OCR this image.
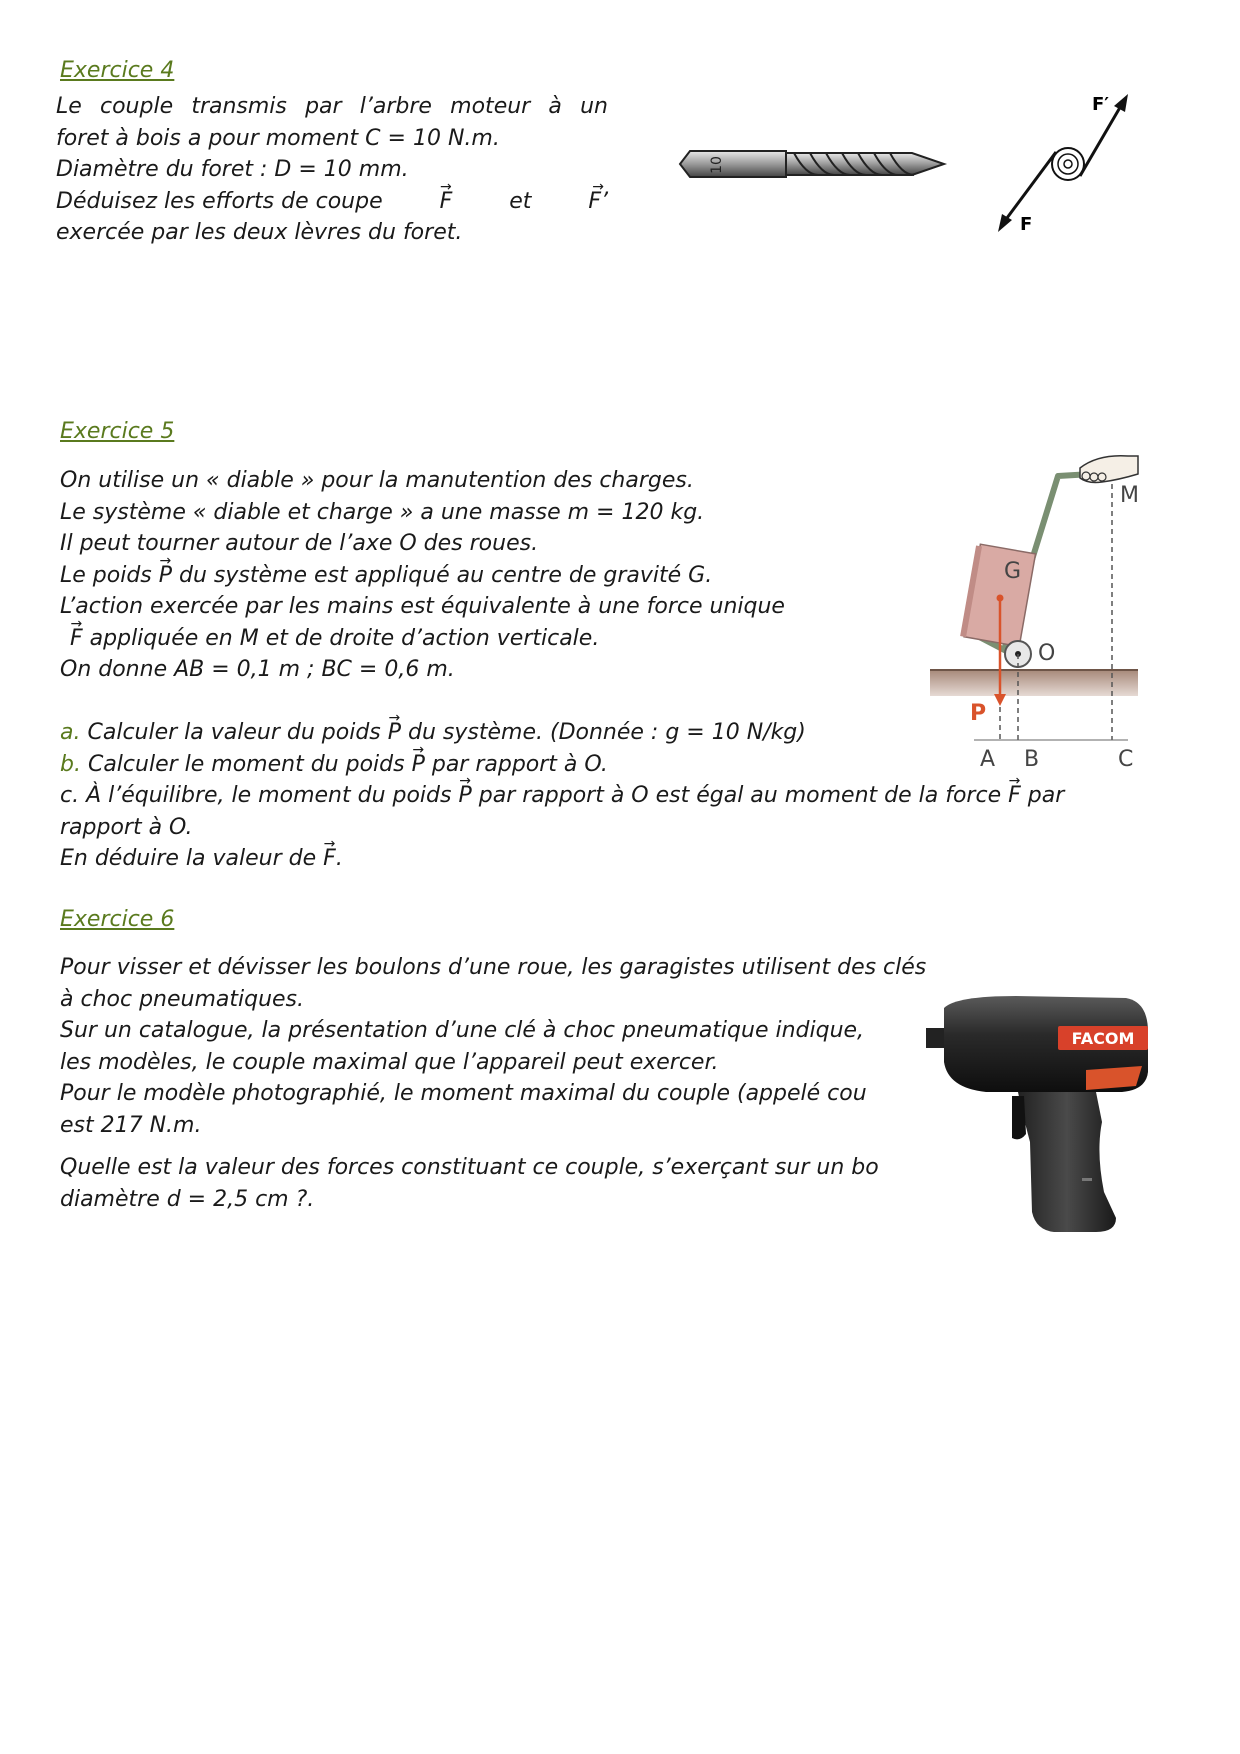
Exercice 4
Le couple transmis par l’arbre moteur à un
foret à bois a pour moment C = 10 N.m.
Diamètre du foret : D = 10 mm.
Déduisez les efforts de coupe	→ F	et	→ F’
exercée par les deux lèvres du foret.
10
F
F′
Exercice 5
On utilise un « diable » pour la manutention des charges.
Le système « diable et charge » a une masse m = 120 kg.
Il peut tourner autour de l’axe O des roues.
Le poids → P du système est appliqué au centre de gravité G.
L’action exercée par les mains est équivalente à une force unique
→ F appliquée en M et de droite d’action verticale.
On donne AB = 0,1 m ; BC = 0,6 m.
a. Calculer la valeur du poids → P du système. (Donnée : g = 10 N/kg)
b. Calculer le moment du poids → P par rapport à O.
c. À l’équilibre, le moment du poids → P par rapport à O est égal au moment de la force → F par
rapport à O.
En déduire la valeur de → F.
G
O
M
P
A B	C
Exercice 6
Pour visser et dévisser les boulons d’une roue, les garagistes utilisent des clés
à choc pneumatiques.
Sur un catalogue, la présentation d’une clé à choc pneumatique indique,
les modèles, le couple maximal que l’appareil peut exercer.
Pour le modèle photographié, le moment maximal du couple (appelé cou
est 217 N.m.
Quelle est la valeur des forces constituant ce couple, s’exerçant sur un bo
diamètre d = 2,5 cm ?.
FACOM
